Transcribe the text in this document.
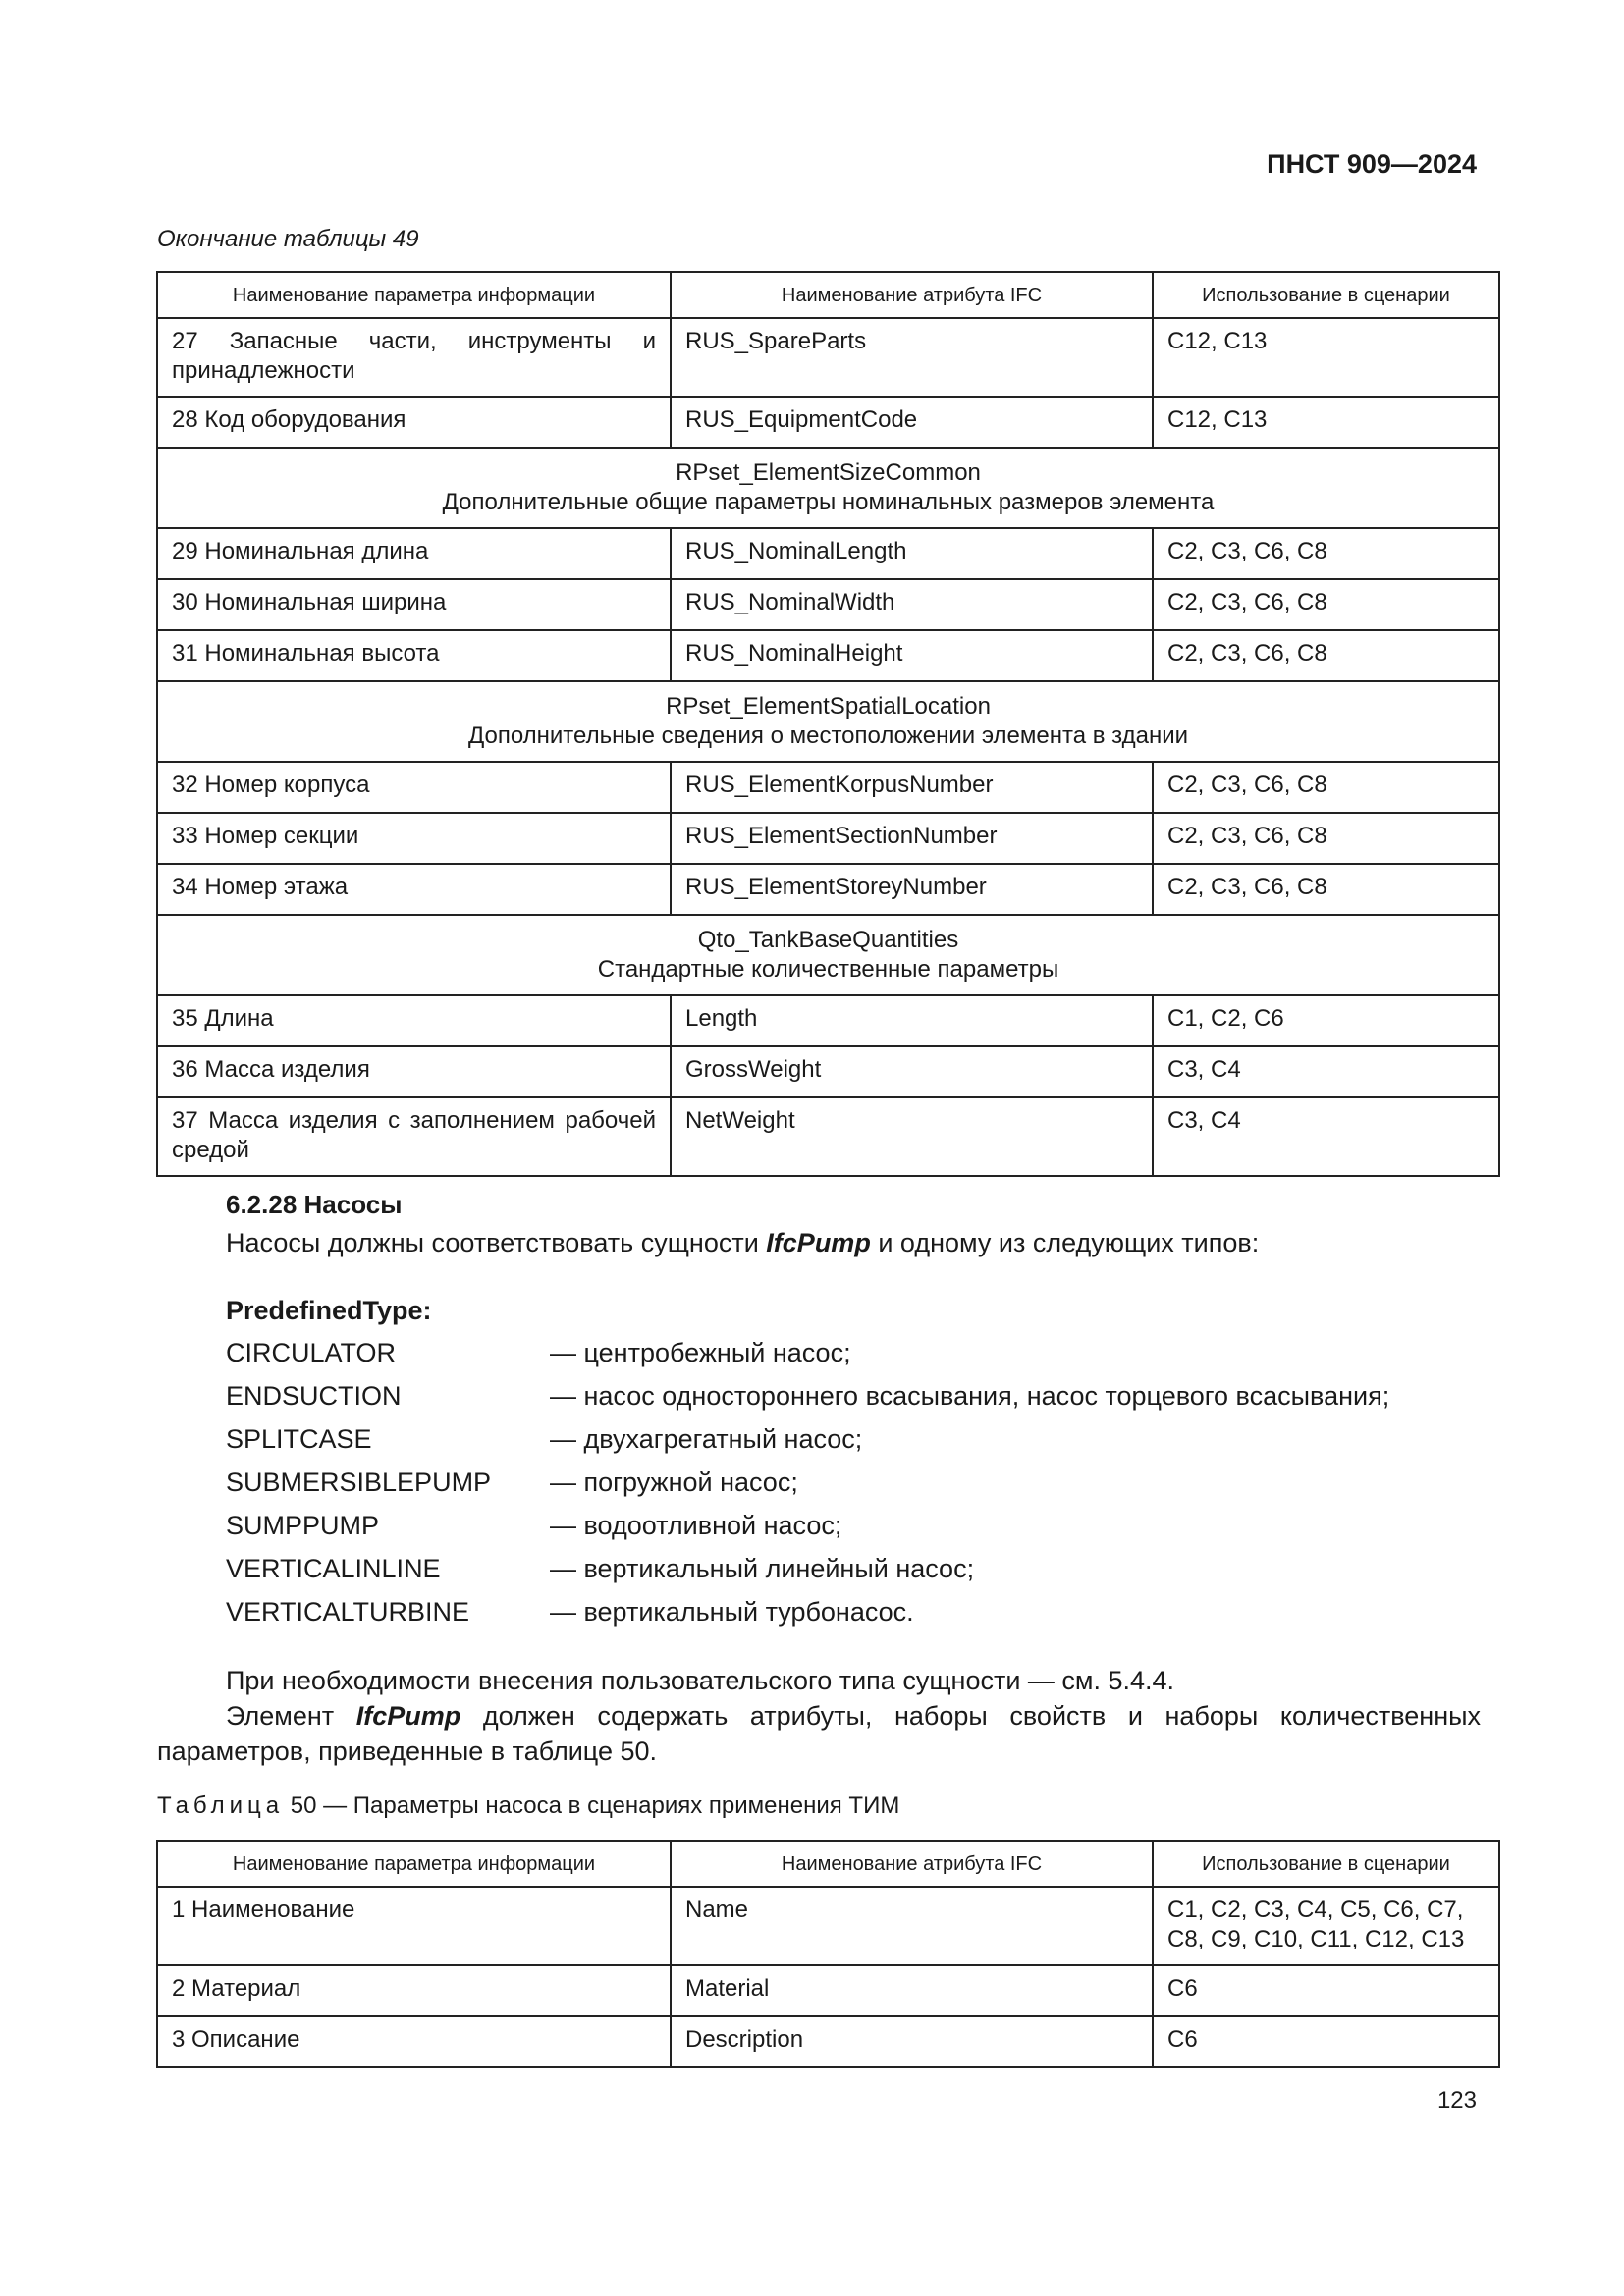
ПНСТ 909—2024
Окончание таблицы 49
Наименование параметра информации	Наименование атрибута IFC	Использование в сценарии
27 Запасные части, инструменты и принадлежности	RUS_SpareParts	С12, С13
28 Код оборудования	RUS_EquipmentCode	С12, С13

RPset_ElementSizeCommon
Дополнительные общие параметры номинальных размеров элемента		

29 Номинальная длина	RUS_NominalLength	С2, С3, С6, С8
30 Номинальная ширина	RUS_NominalWidth	С2, С3, С6, С8
31 Номинальная высота	RUS_NominalHeight	С2, С3, С6, С8

RPset_ElementSpatialLocation
Дополнительные сведения о местоположении элемента в здании		

32 Номер корпуса	RUS_ElementKorpusNumber	С2, С3, С6, С8
33 Номер секции	RUS_ElementSectionNumber	С2, С3, С6, С8
34 Номер этажа	RUS_ElementStoreyNumber	С2, С3, С6, С8

Qto_TankBaseQuantities
Стандартные количественные параметры		

35 Длина	Length	С1, С2, С6
36 Масса изделия	GrossWeight	С3, С4
37 Масса изделия с заполнением рабочей средой	NetWeight	С3, С4
6.2.28 Насосы
Насосы должны соответствовать сущности IfcPump и одному из следующих типов:
PredefinedType:
CIRCULATOR	— центробежный насос;
ENDSUCTION	— насос одностороннего всасывания, насос торцевого всасывания;
SPLITCASE	— двухагрегатный насос;
SUBMERSIBLEPUMP — погружной насос;
SUMPPUMP	— водоотливной насос;
VERTICALINLINE	— вертикальный линейный насос;
VERTICALTURBINE	— вертикальный турбонасос.
При необходимости внесения пользовательского типа сущности — см. 5.4.4.
Элемент IfcPump должен содержать атрибуты, наборы свойств и наборы количественных параметров, приведенные в таблице 50.
Таблица 50 — Параметры насоса в сценариях применения ТИМ
Наименование параметра информации	Наименование атрибута IFC	Использование в сценарии
1 Наименование	Name	С1, С2, С3, С4, С5, С6, С7, С8, С9, С10, С11, С12, С13
2 Материал	Material	С6
3 Описание	Description	С6
123
